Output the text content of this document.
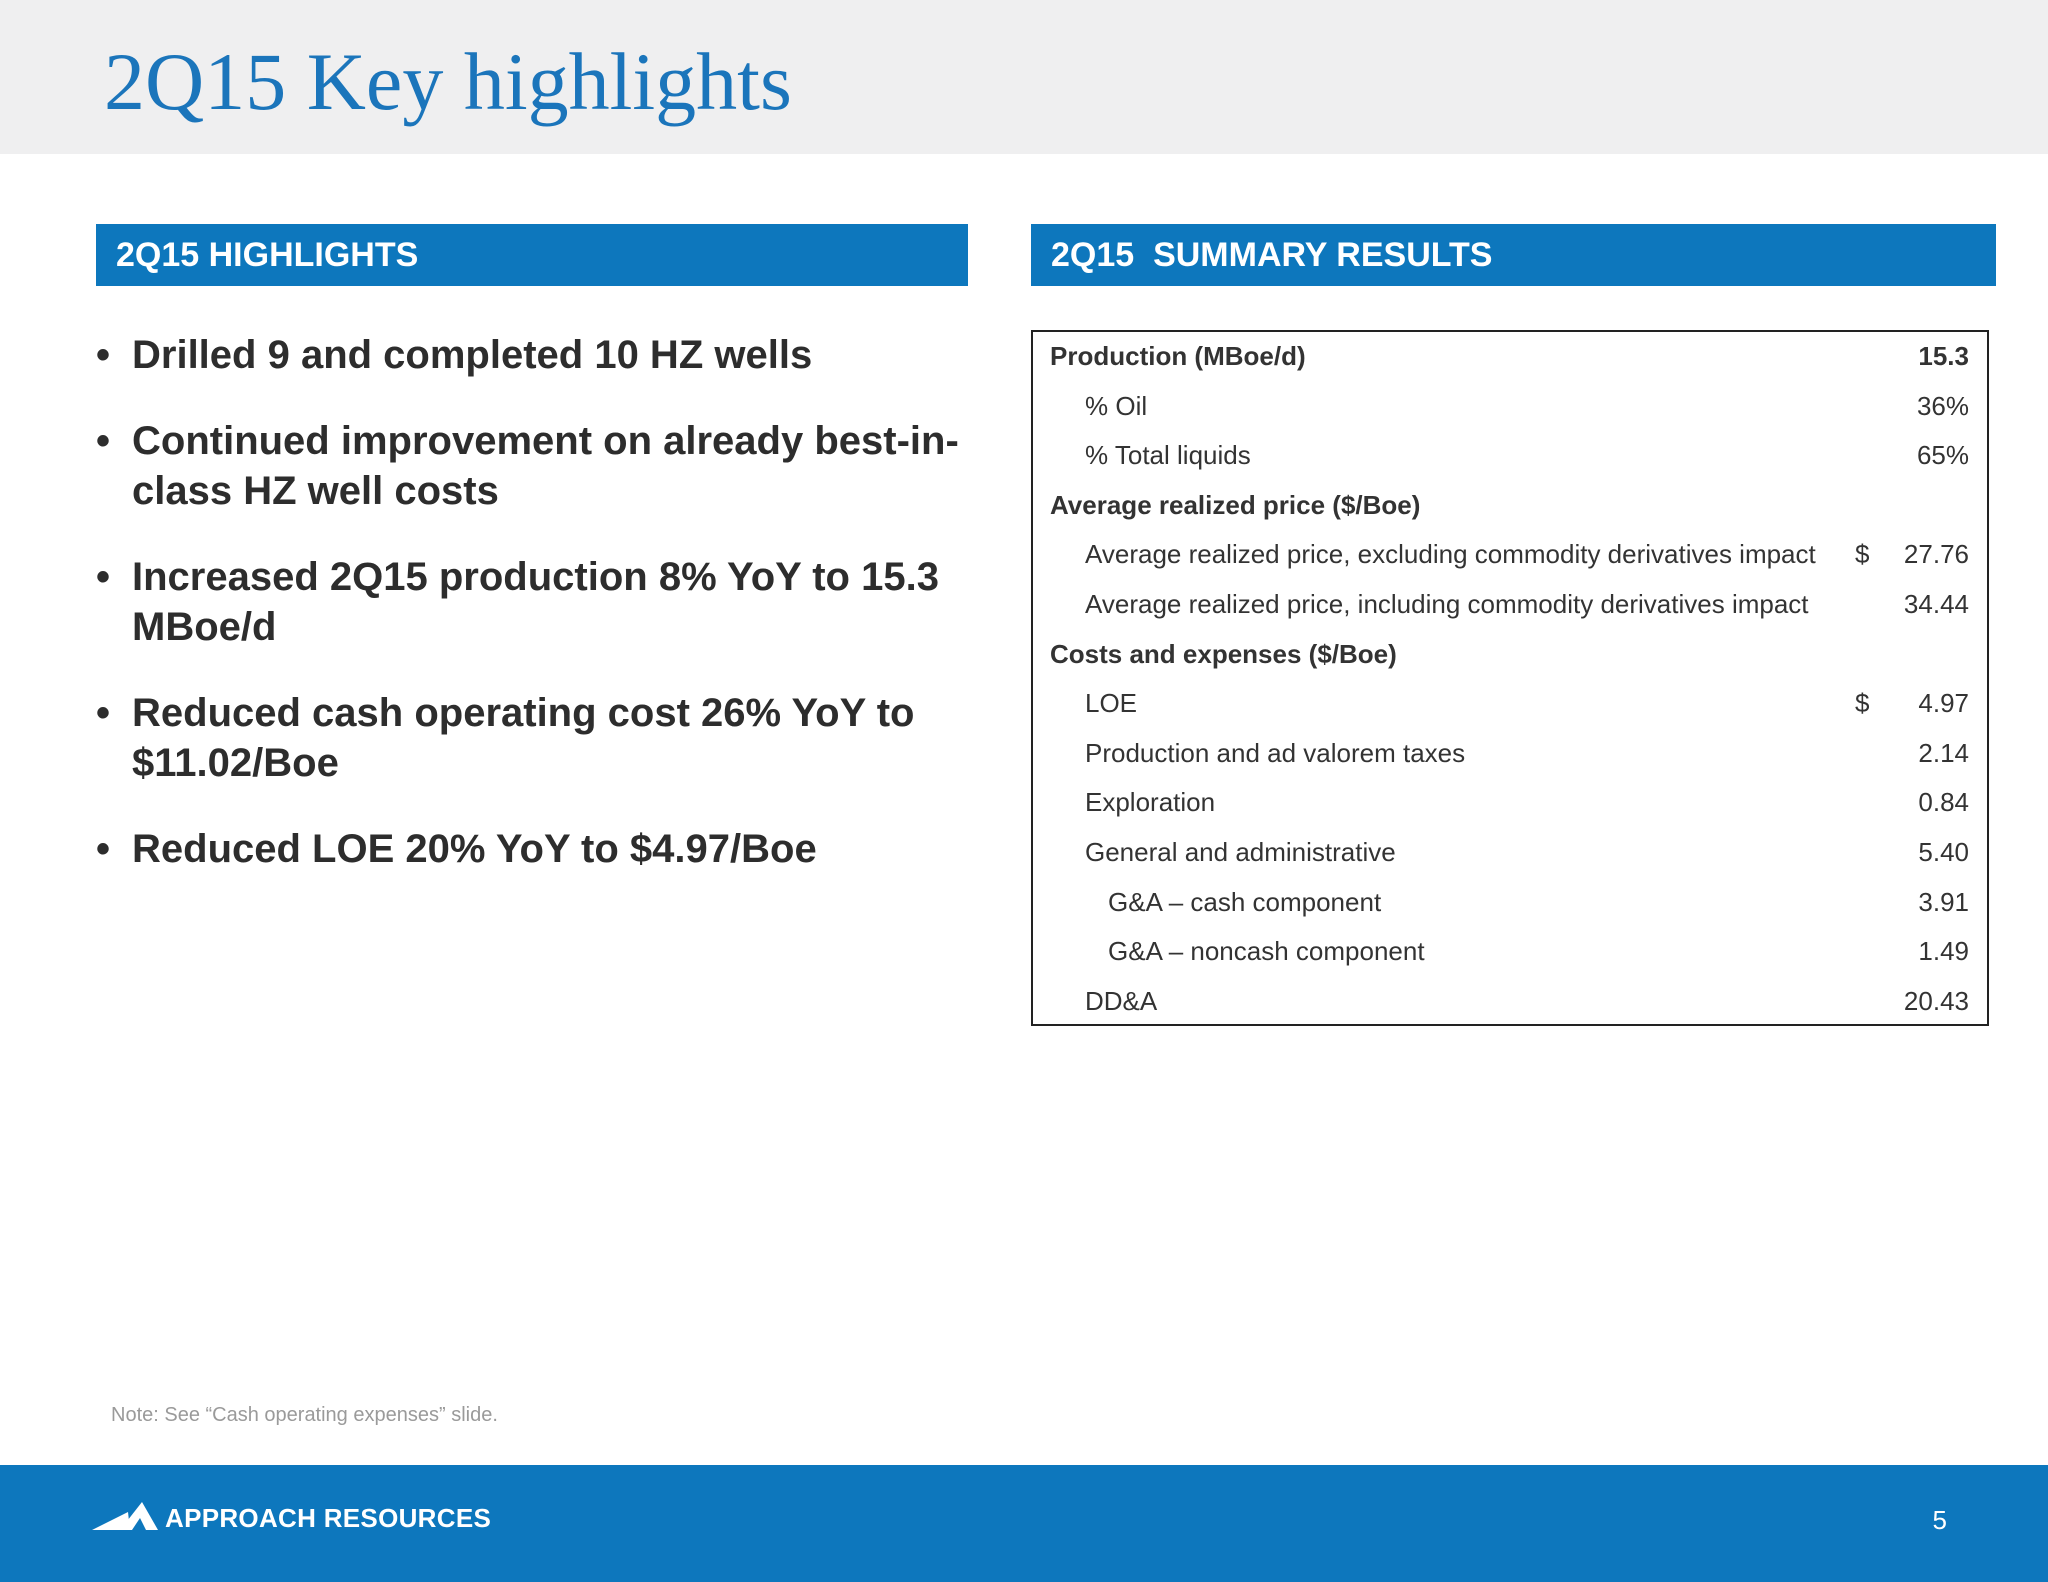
2Q15 Key highlights
2Q15 HIGHLIGHTS	2Q15  SUMMARY RESULTS
• Drilled 9 and completed 10 HZ wells
• Continued improvement on already best-in-class HZ well costs
• Increased 2Q15 production 8% YoY to 15.3 MBoe/d
• Reduced cash operating cost 26% YoY to $11.02/Boe
• Reduced LOE 20% YoY to $4.97/Boe
Production (MBoe/d)	15.3
% Oil	36%
% Total liquids	65%
Average realized price ($/Boe)
Average realized price, excluding commodity derivatives impact $ 27.76
Average realized price, including commodity derivatives impact	34.44
Costs and expenses ($/Boe)
LOE	$ 4.97
Production and ad valorem taxes	2.14
Exploration	0.84
General and administrative	5.40
G&A – cash component	3.91
G&A – noncash component	1.49
DD&A	20.43
Note: See “Cash operating expenses” slide.
APPROACH RESOURCES	5
